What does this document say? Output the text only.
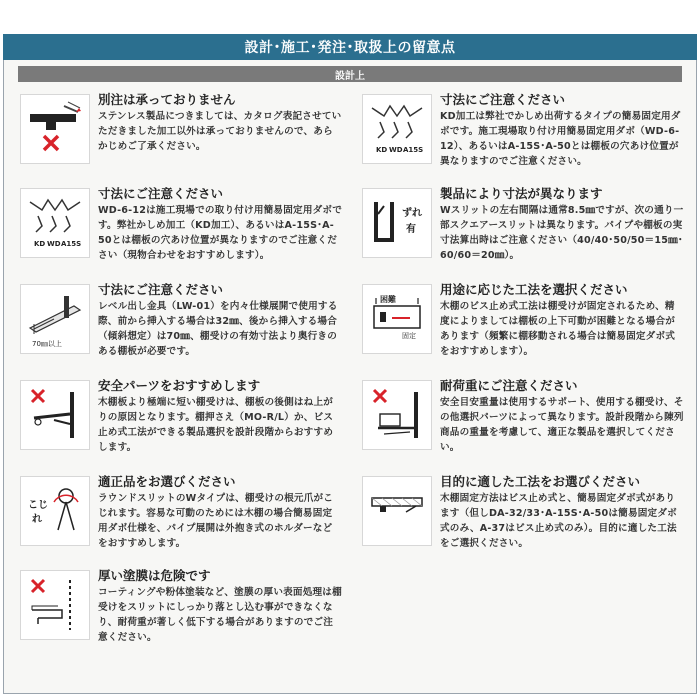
設計･施工･発注･取扱上の留意点
設計上
別注は承っておりません
ステンレス製品につきましては、カタログ表記させていただきました加工以外は承っておりませんので、あらかじめご了承ください。	KD WD A15S
寸法にご注意ください
KD加工は弊社でかしめ出荷するタイプの簡易固定用ダボです。施工現場取り付け用簡易固定用ダボ（WD-6-12）、あるいはA-15S･A-50とは棚板の穴あけ位置が異なりますのでご注意ください。
KD WD A15S
寸法にご注意ください
WD-6-12は施工現場での取り付け用簡易固定用ダボです。弊社かしめ加工（KD加工）、あるいはA-15S･A-50とは棚板の穴あけ位置が異なりますのでご注意ください（現物合わせをおすすめします）。
ずれ
有
製品により寸法が異なります
Wスリットの左右間隔は通常8.5㎜ですが、次の通り一部スクエアースリットは異なります。パイプや棚板の実寸法算出時はご注意ください（40/40･50/50＝15㎜･60/60＝20㎜）。
70㎜以上
寸法にご注意ください
レベル出し金具（LW-01）を内々仕様展開で使用する際、前から挿入する場合は32㎜、後から挿入する場合（傾斜想定）は70㎜、棚受けの有効寸法より奥行きのある棚板が必要です。
困難
固定
用途に応じた工法を選択ください
木棚のビス止め式工法は棚受けが固定されるため、精度によりましては棚板の上下可動が困難となる場合があります（頻繁に棚移動される場合は簡易固定ダボ式をおすすめします）。
安全パーツをおすすめします
木棚板より極端に短い棚受けは、棚板の後側はね上がりの原因となります。棚押さえ（MO-R/L）か、ビス止め式工法ができる製品選択を設計段階からおすすめします。
耐荷重にご注意ください
安全目安重量は使用するサポート、使用する棚受け、その他選択パーツによって異なります。設計段階から陳列商品の重量を考慮して、適正な製品を選択してください。
こじ
れ
適正品をお選びください
ラウンドスリットのWタイプは、棚受けの根元爪がこじれます。容易な可動のためには木棚の場合簡易固定用ダボ仕様を、パイプ展開は外抱き式のホルダーなどをおすすめします。
目的に適した工法をお選びください
木棚固定方法はビス止め式と、簡易固定ダボ式があります（但しDA-32/33･A-15S･A-50は簡易固定ダボ式のみ、A-37はビス止め式のみ）。目的に適した工法をご選択ください。
厚い塗膜は危険です
コーティングや粉体塗装など、塗膜の厚い表面処理は棚受けをスリットにしっかり落とし込む事ができなくなり、耐荷重が著しく低下する場合がありますのでご注意ください。
